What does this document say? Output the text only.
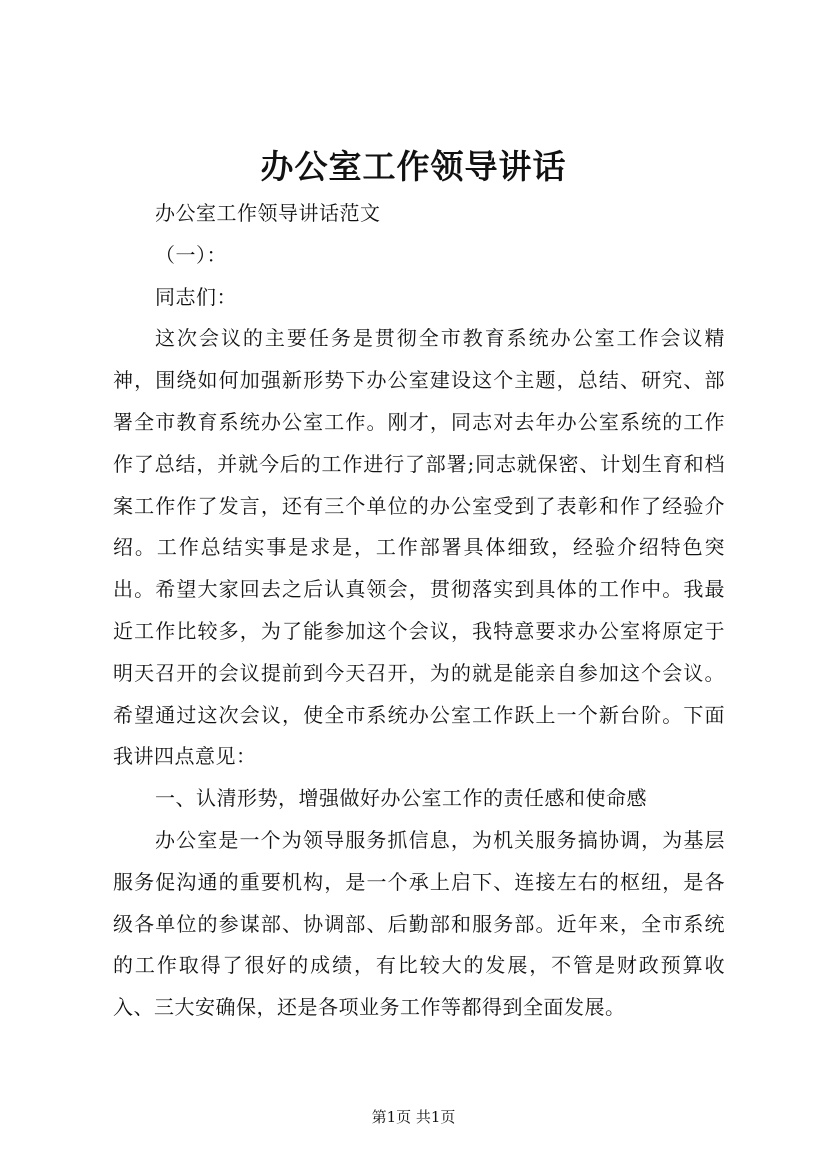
办公室工作领导讲话

办公室工作领导讲话范文

（一）：

同志们：

这次会议的主要任务是贯彻全市教育系统办公室工作会议精神，围绕如何加强新形势下办公室建设这个主题，总结、研究、部署全市教育系统办公室工作。刚才，同志对去年办公室系统的工作作了总结，并就今后的工作进行了部署;同志就保密、计划生育和档案工作作了发言，还有三个单位的办公室受到了表彰和作了经验介绍。工作总结实事是求是，工作部署具体细致，经验介绍特色突出。希望大家回去之后认真领会，贯彻落实到具体的工作中。我最近工作比较多，为了能参加这个会议，我特意要求办公室将原定于明天召开的会议提前到今天召开，为的就是能亲自参加这个会议。希望通过这次会议，使全市系统办公室工作跃上一个新台阶。下面我讲四点意见：

一、认清形势，增强做好办公室工作的责任感和使命感

办公室是一个为领导服务抓信息，为机关服务搞协调，为基层服务促沟通的重要机构，是一个承上启下、连接左右的枢纽，是各级各单位的参谋部、协调部、后勤部和服务部。近年来，全市系统的工作取得了很好的成绩，有比较大的发展，不管是财政预算收入、三大安确保，还是各项业务工作等都得到全面发展。

第1页 共1页
